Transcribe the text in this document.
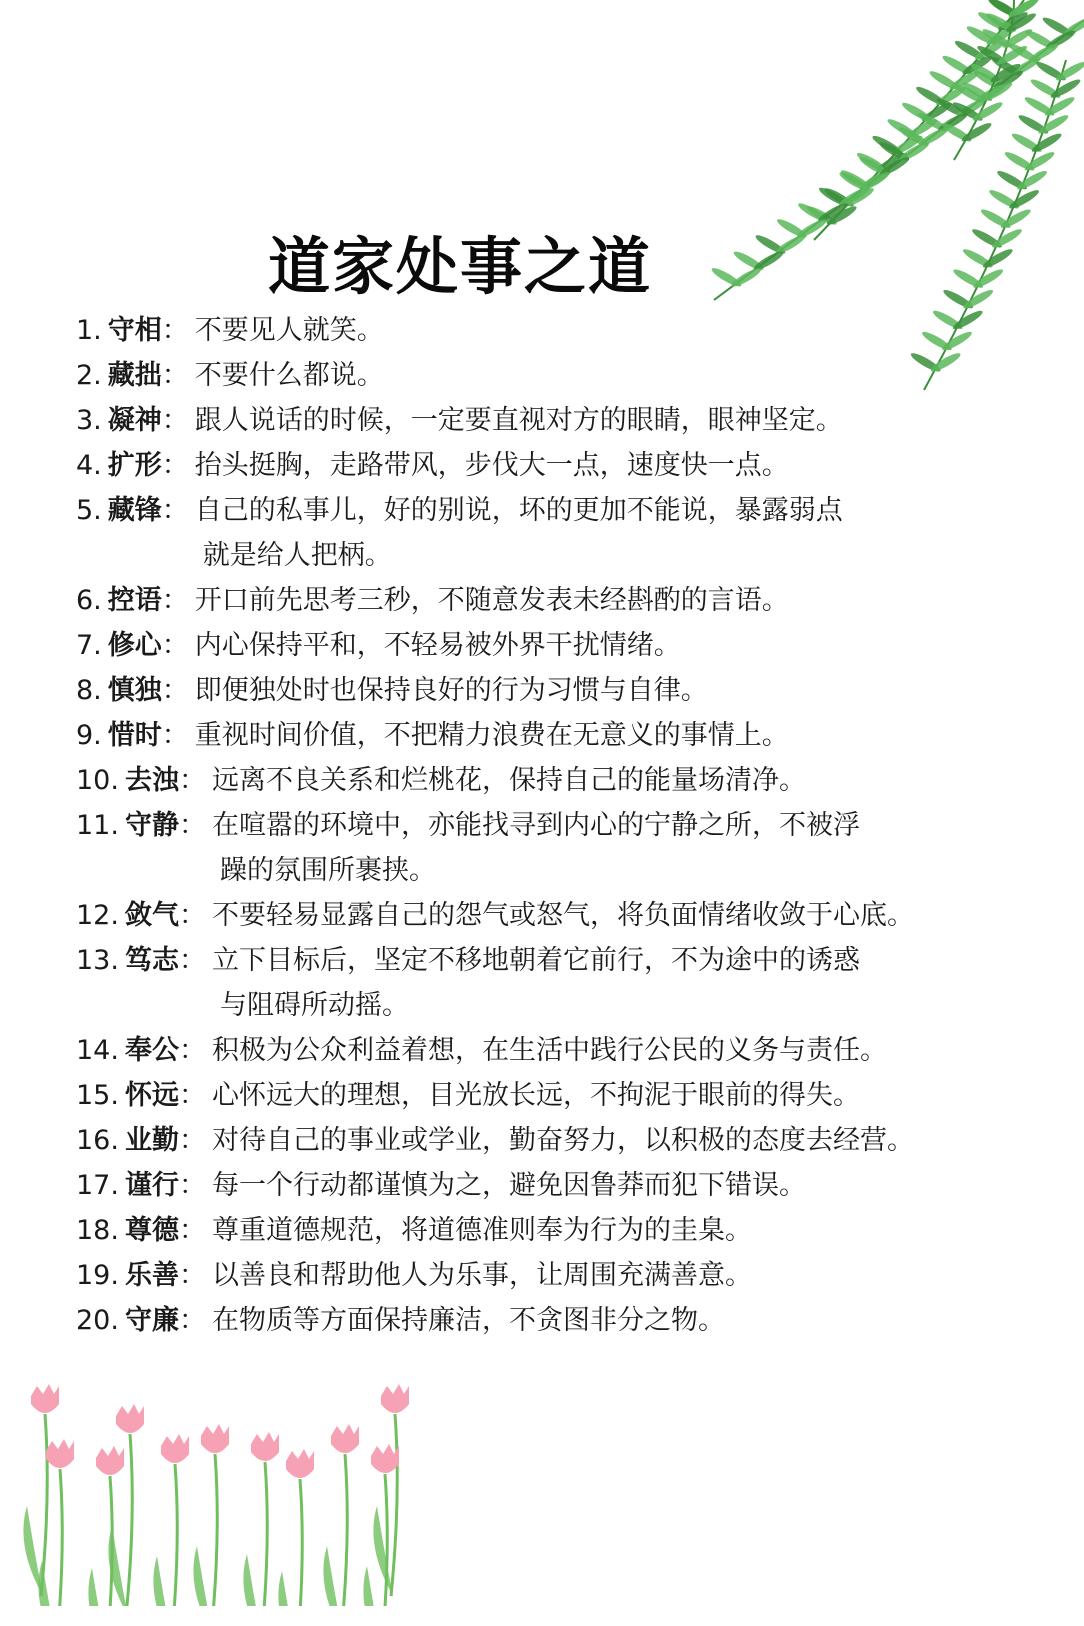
道家处事之道
1. 守相： 不要见人就笑。
2. 藏拙： 不要什么都说。
3. 凝神： 跟人说话的时候，一定要直视对方的眼睛，眼神坚定。
4. 扩形： 抬头挺胸，走路带风，步伐大一点，速度快一点。
5. 藏锋： 自己的私事儿，好的别说，坏的更加不能说，暴露弱点
就是给人把柄。
6. 控语： 开口前先思考三秒，不随意发表未经斟酌的言语。
7. 修心： 内心保持平和，不轻易被外界干扰情绪。
8. 慎独： 即便独处时也保持良好的行为习惯与自律。
9. 惜时： 重视时间价值，不把精力浪费在无意义的事情上。
10. 去浊： 远离不良关系和烂桃花，保持自己的能量场清净。
11. 守静： 在喧嚣的环境中，亦能找寻到内心的宁静之所，不被浮
躁的氛围所裹挟。
12. 敛气： 不要轻易显露自己的怨气或怒气，将负面情绪收敛于心底。
13. 笃志： 立下目标后，坚定不移地朝着它前行，不为途中的诱惑
与阻碍所动摇。
14. 奉公： 积极为公众利益着想，在生活中践行公民的义务与责任。
15. 怀远： 心怀远大的理想，目光放长远，不拘泥于眼前的得失。
16. 业勤： 对待自己的事业或学业，勤奋努力，以积极的态度去经营。
17. 谨行： 每一个行动都谨慎为之，避免因鲁莽而犯下错误。
18. 尊德： 尊重道德规范，将道德准则奉为行为的圭臬。
19. 乐善： 以善良和帮助他人为乐事，让周围充满善意。
20. 守廉： 在物质等方面保持廉洁，不贪图非分之物。
